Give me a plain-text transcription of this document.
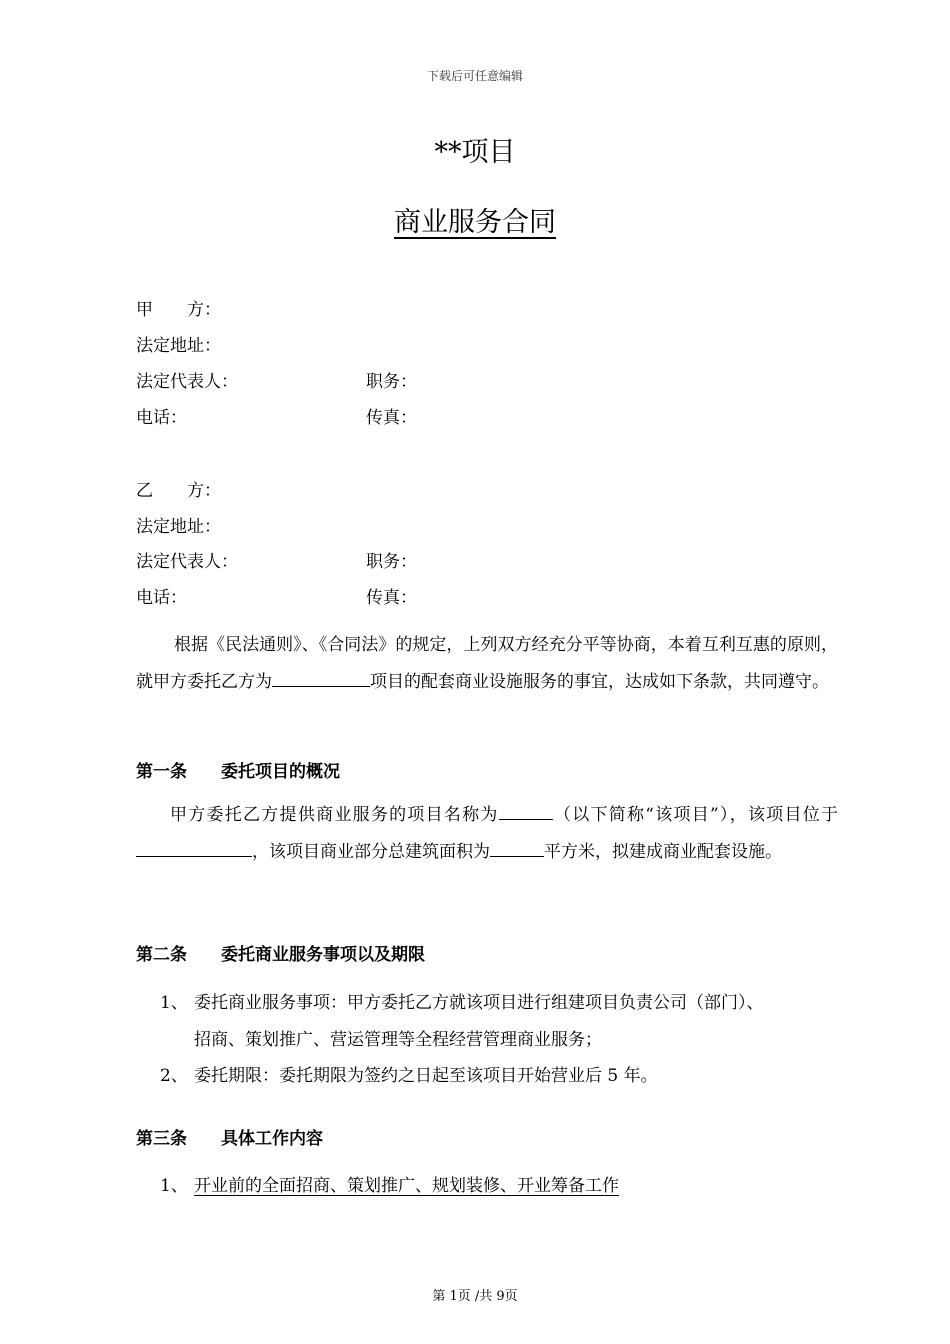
下载后可任意编辑
**项目
商业服务合同
甲　　方：
法定地址：
法定代表人：	职务：
电话：	传真：
乙　　方：
法定地址：
法定代表人：	职务：
电话：	传真：
根据《民法通则》、《合同法》的规定，上列双方经充分平等协商，本着互利互惠的原则，就甲方委托乙方为	项目的配套商业设施服务的事宜，达成如下条款，共同遵守。
第一条 委托项目的概况
甲方委托乙方提供商业服务的项目名称为	（以下简称“该项目”），该项目位于，该项目商业部分总建筑面积为	平方米，拟建成商业配套设施。
第二条 委托商业服务事项以及期限
1、 委托商业服务事项：甲方委托乙方就该项目进行组建项目负责公司（部门）、
招商、策划推广、营运管理等全程经营管理商业服务；
2、 委托期限：委托期限为签约之日起至该项目开始营业后 5 年。
第三条 具体工作内容
1、 开业前的全面招商、策划推广、规划装修、开业筹备工作
第 1页 /共 9页
